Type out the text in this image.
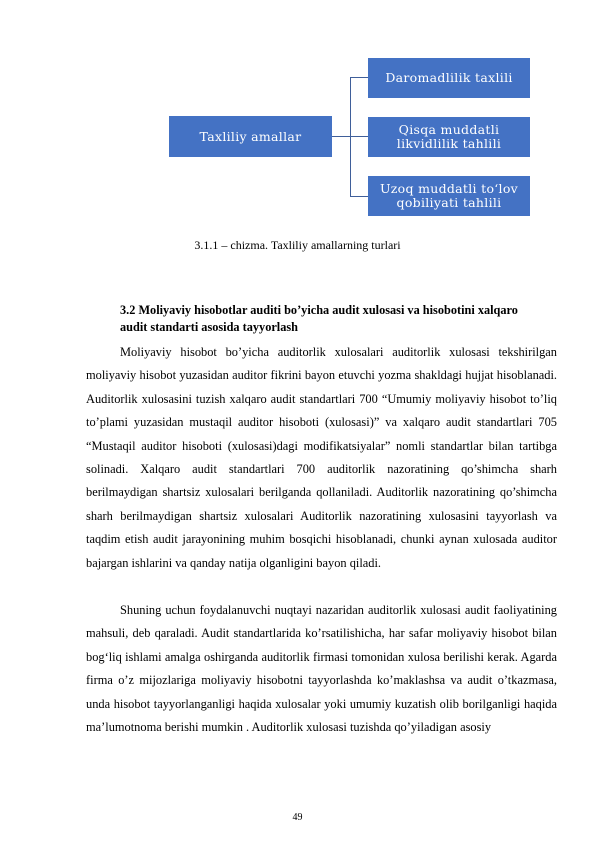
Taxliliy amallar
Daromadlilik taxlili
Qisqa muddatli likvidlilik tahlili
Uzoq muddatli to‘lov qobiliyati tahlili
3.1.1 – chizma. Taxliliy amallarning turlari
3.2 Moliyaviy hisobotlar auditi bo’yicha audit xulosasi va hisobotini xalqaro audit standarti asosida tayyorlash

Moliyaviy hisobot bo’yicha auditorlik xulosalari auditorlik xulosasi tekshirilgan moliyaviy hisobot yuzasidan auditor fikrini bayon etuvchi yozma shakldagi hujjat hisoblanadi. Auditorlik xulosasini tuzish xalqaro audit standartlari 700 “Umumiy moliyaviy hisobot to’liq to’plami yuzasidan mustaqil auditor hisoboti (xulosasi)” va xalqaro audit standartlari 705 “Mustaqil auditor hisoboti (xulosasi)dagi modifikatsiyalar” nomli standartlar bilan tartibga solinadi. Xalqaro audit standartlari 700 auditorlik nazoratining qo’shimcha sharh berilmaydigan shartsiz xulosalari berilganda qollaniladi. Auditorlik nazoratining qo’shimcha sharh berilmaydigan shartsiz xulosalari Auditorlik nazoratining xulosasini tayyorlash va taqdim etish audit jarayonining muhim bosqichi hisoblanadi, chunki aynan xulosada auditor bajargan ishlarini va qanday natija olganligini bayon qiladi.

Shuning uchun foydalanuvchi nuqtayi nazaridan auditorlik xulosasi audit faoliyatining mahsuli, deb qaraladi. Audit standartlarida ko’rsatilishicha, har safar moliyaviy hisobot bilan bog‘liq ishlami amalga oshirganda auditorlik firmasi tomonidan xulosa berilishi kerak. Agarda firma o’z mijozlariga moliyaviy hisobotni tayyorlashda ko’maklashsa va audit o’tkazmasa, unda hisobot tayyorlanganligi haqida xulosalar yoki umumiy kuzatish olib borilganligi haqida ma’lumotnoma berishi mumkin . Auditorlik xulosasi tuzishda qo’yiladigan asosiy

49
